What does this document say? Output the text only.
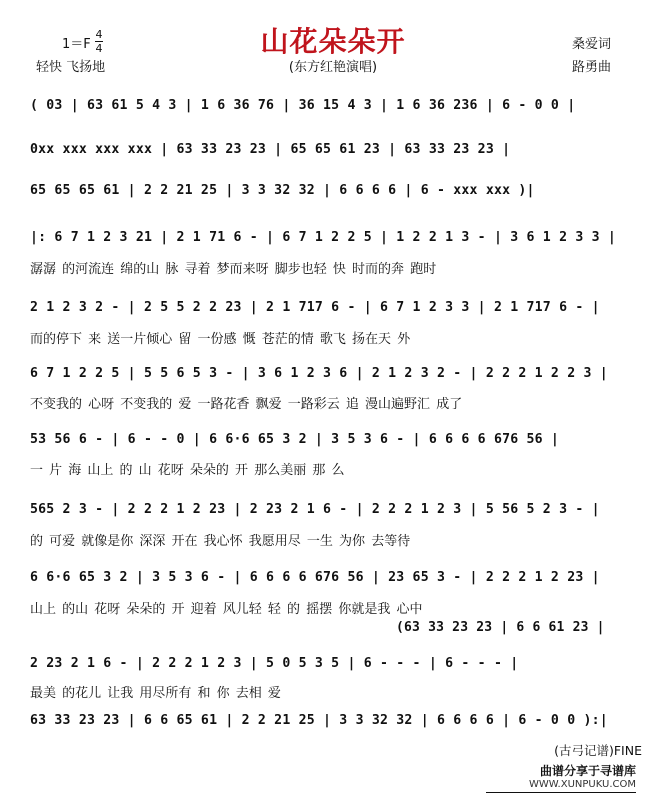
山花朵朵开
1＝F
4
4
轻快 飞扬地	(东方红艳演唱)
桑爱词
路勇曲
( 03 | 63 61 5 4 3 | 1 6 36 76 | 36 15 4 3 | 1 6 36 236 | 6 - 0 0 |
0xx xxx xxx xxx | 63 33 23 23 | 65 65 61 23 | 63 33 23 23 |
65 65 65 61 | 2 2 21 25 | 3 3 32 32 | 6 6 6 6 | 6 - xxx xxx )|
|: 6 7 1 2 3 21 | 2 1 71 6 - | 6 7 1 2 2 5 | 1 2 2 1 3 - | 3 6 1 2 3 3 |
潺潺 的河流连 绵的山 脉 寻着 梦而来呀 脚步也轻 快 时而的奔 跑时
2 1 2 3 2 - | 2 5 5 2 2 23 | 2 1 717 6 - | 6 7 1 2 3 3 | 2 1 717 6 - |
而的停下 来 送一片倾心 留 一份感 慨 苍茫的情 歌飞 扬在天 外
6 7 1 2 2 5 | 5 5 6 5 3 - | 3 6 1 2 3 6 | 2 1 2 3 2 - | 2 2 2 1 2 2 3 |
不变我的 心呀 不变我的 爱 一路花香 飘爱 一路彩云 追 漫山遍野汇 成了
53 56 6 - | 6 - - 0 | 6 6·6 65 3 2 | 3 5 3 6 - | 6 6 6 6 676 56 |
一 片 海 山上 的 山 花呀 朵朵的 开 那么美丽 那 么
565 2 3 - | 2 2 2 1 2 23 | 2 23 2 1 6 - | 2 2 2 1 2 3 | 5 56 5 2 3 - |
的 可爱 就像是你 深深 开在 我心怀 我愿用尽 一生 为你 去等待
6 6·6 65 3 2 | 3 5 3 6 - | 6 6 6 6 676 56 | 23 65 3 - | 2 2 2 1 2 23 |
山上 的山 花呀 朵朵的 开 迎着 风儿轻 轻 的 摇摆 你就是我 心中
(63 33 23 23 | 6 6 61 23 |
2 23 2 1 6 - | 2 2 2 1 2 3 | 5 0 5 3 5 | 6 - - - | 6 - - - |
最美 的花儿 让我 用尽所有 和 你 去相 爱
63 33 23 23 | 6 6 65 61 | 2 2 21 25 | 3 3 32 32 | 6 6 6 6 | 6 - 0 0 ):|
(古弓记谱)FINE
曲谱分享于寻谱库
WWW.XUNPUKU.COM
